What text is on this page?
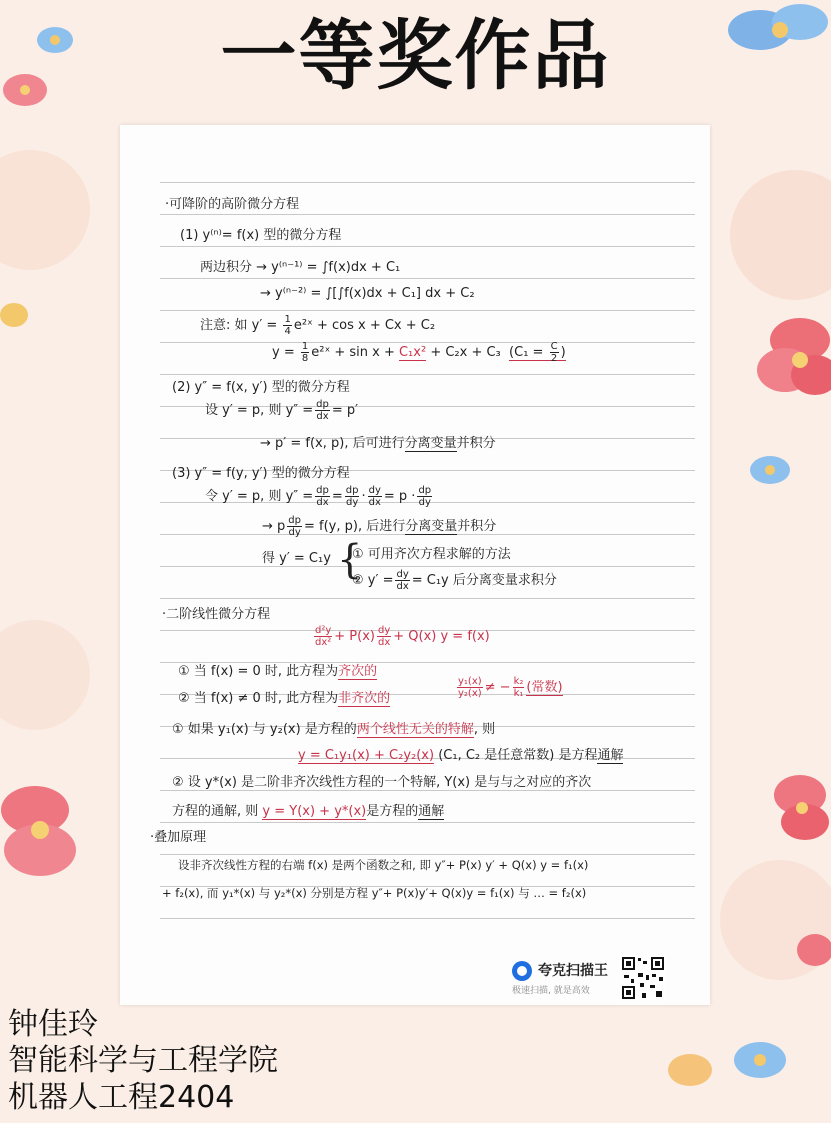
一等奖作品
·可降阶的高阶微分方程
(1) y⁽ⁿ⁾= f(x) 型的微分方程
两边积分 → y⁽ⁿ⁻¹⁾ = ∫f(x)dx + C₁
→ y⁽ⁿ⁻²⁾ = ∫[∫f(x)dx + C₁] dx + C₂
注意: 如 $y' = \frac{1}{4}$ e²ˣ + cos x + Cx + C₂
$y = \frac{1}{8}$ e²ˣ + sin x + C₁x² + C₂x + C₃ ($C_1 = \frac{C}{2}$ )
(2) y″ = f(x, y′) 型的微分方程
设 y′ = p, 则 $y'' = \frac{dp}{dx} = p'$
→ p′ = f(x, p), 后可进行分离变量并积分
(3) y″ = f(y, y′) 型的微分方程
令 y′ = p, 则 $y'' = \frac{dp}{dx} = \frac{dp}{dy} \cdot \frac{dy}{dx} = p \cdot \frac{dp}{dy}$
→ p $\frac{dp}{dy} = f(y$, p), 后进行分离变量并积分
得 y′ = C₁y {
① 可用齐次方程求解的方法
② $y' = \frac{dy}{dx} = C_1y$ 后分离变量求积分
·二阶线性微分方程
$\frac{\text{d²y}}{\text{dx²}} + P(x) \frac{dy}{dx} + Q(x) y = f(x)$
① 当 f(x) = 0 时, 此方程为齐次的
② 当 f(x) ≠ 0 时, 此方程为非齐次的	$\frac{\text{y₁(x)}}{\text{y₂(x)}}$ ≠ − $\frac{\text{k₂}}{\text{k₁}}$ (常数)
① 如果 y₁(x) 与 y₂(x) 是方程的两个线性无关的特解, 则
y = C₁y₁(x) + C₂y₂(x) (C₁, C₂ 是任意常数) 是方程通解
② 设 y*(x) 是二阶非齐次线性方程的一个特解, Y(x) 是与与之对应的齐次
方程的通解, 则 y = Y(x) + y*(x)是方程的通解
·叠加原理
设非齐次线性方程的右端 f(x) 是两个函数之和, 即 y″+ P(x) y′ + Q(x) y = f₁(x)
+ f₂(x), 而 y₁*(x) 与 y₂*(x) 分别是方程 y″+ P(x)y′+ Q(x)y = f₁(x) 与 … = f₂(x)
夸克扫描王
极速扫描, 就是高效
钟佳玲
智能科学与工程学院
机器人工程2404
